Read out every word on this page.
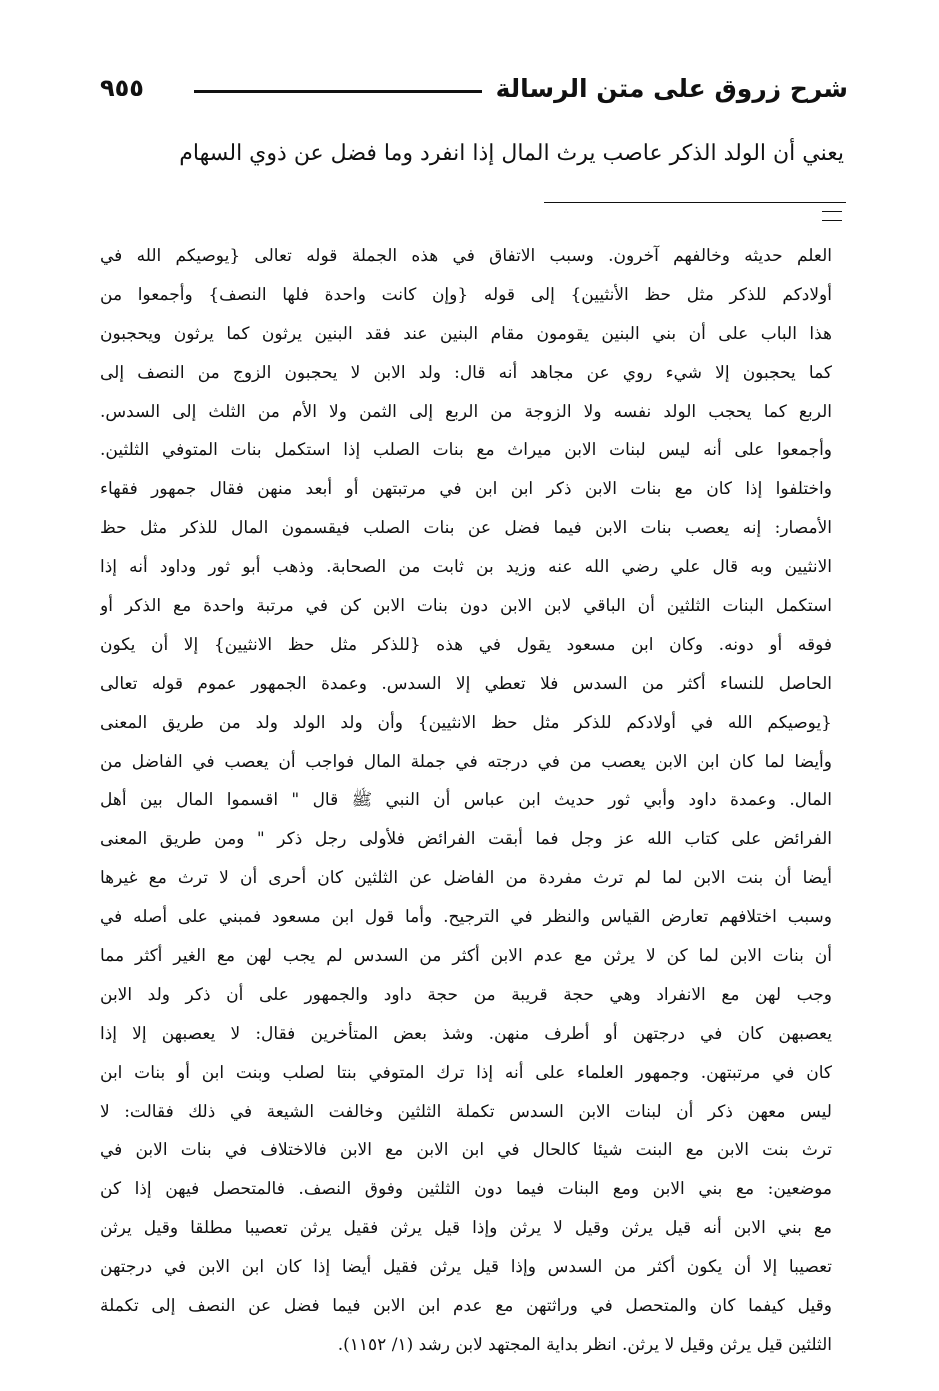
٩٥٥	شرح زروق على متن الرسالة
يعني أن الولد الذكر عاصب يرث المال إذا انفرد وما فضل عن ذوي السهام
العلم حديثه وخالفهم آخرون. وسبب الاتفاق في هذه الجملة قوله تعالى {يوصيكم الله في
أولادكم للذكر مثل حظ الأنثيين} إلى قوله {وإن كانت واحدة فلها النصف} وأجمعوا من
هذا الباب على أن بني البنين يقومون مقام البنين عند فقد البنين يرثون كما يرثون ويحجبون
كما يحجبون إلا شيء روي عن مجاهد أنه قال: ولد الابن لا يحجبون الزوج من النصف إلى
الربع كما يحجب الولد نفسه ولا الزوجة من الربع إلى الثمن ولا الأم من الثلث إلى السدس.
وأجمعوا على أنه ليس لبنات الابن ميراث مع بنات الصلب إذا استكمل بنات المتوفي الثلثين.
واختلفوا إذا كان مع بنات الابن ذكر ابن ابن في مرتبتهن أو أبعد منهن فقال جمهور فقهاء
الأمصار: إنه يعصب بنات الابن فيما فضل عن بنات الصلب فيقسمون المال للذكر مثل حظ
الانثيين وبه قال علي رضي الله عنه وزيد بن ثابت من الصحابة. وذهب أبو ثور وداود أنه إذا
استكمل البنات الثلثين أن الباقي لابن الابن دون بنات الابن كن في مرتبة واحدة مع الذكر أو
فوقه أو دونه. وكان ابن مسعود يقول في هذه {للذكر مثل حظ الانثيين} إلا أن يكون
الحاصل للنساء أكثر من السدس فلا تعطي إلا السدس. وعمدة الجمهور عموم قوله تعالى
{يوصيكم الله في أولادكم للذكر مثل حظ الانثيين} وأن ولد الولد ولد من طريق المعنى
وأيضا لما كان ابن الابن يعصب من في درجته في جملة المال فواجب أن يعصب في الفاضل من
المال. وعمدة داود وأبي ثور حديث ابن عباس أن النبي ﷺ قال " اقسموا المال بين أهل
الفرائض على كتاب الله عز وجل فما أبقت الفرائض فلأولى رجل ذكر " ومن طريق المعنى
أيضا أن بنت الابن لما لم ترث مفردة من الفاضل عن الثلثين كان أحرى أن لا ترث مع غيرها
وسبب اختلافهم تعارض القياس والنظر في الترجيح. وأما قول ابن مسعود فمبني على أصله في
أن بنات الابن لما كن لا يرثن مع عدم الابن أكثر من السدس لم يجب لهن مع الغير أكثر مما
وجب لهن مع الانفراد وهي حجة قريبة من حجة داود والجمهور على أن ذكر ولد الابن
يعصبهن كان في درجتهن أو أطرف منهن. وشذ بعض المتأخرين فقال: لا يعصبهن إلا إذا
كان في مرتبتهن. وجمهور العلماء على أنه إذا ترك المتوفي بنتا لصلب وبنت ابن أو بنات ابن
ليس معهن ذكر أن لبنات الابن السدس تكملة الثلثين وخالفت الشيعة في ذلك فقالت: لا
ترث بنت الابن مع البنت شيئا كالحال في ابن الابن مع الابن فالاختلاف في بنات الابن في
موضعين: مع بني الابن ومع البنات فيما دون الثلثين وفوق النصف. فالمتحصل فيهن إذا كن
مع بني الابن أنه قيل يرثن وقيل لا يرثن وإذا قيل يرثن فقيل يرثن تعصيبا مطلقا وقيل يرثن
تعصيبا إلا أن يكون أكثر من السدس وإذا قيل يرثن فقيل أيضا إذا كان ابن الابن في درجتهن
وقيل كيفما كان والمتحصل في وراثتهن مع عدم ابن الابن فيما فضل عن النصف إلى تكملة
الثلثين قيل يرثن وقيل لا يرثن. انظر بداية المجتهد لابن رشد (١/ ١١٥٢).
